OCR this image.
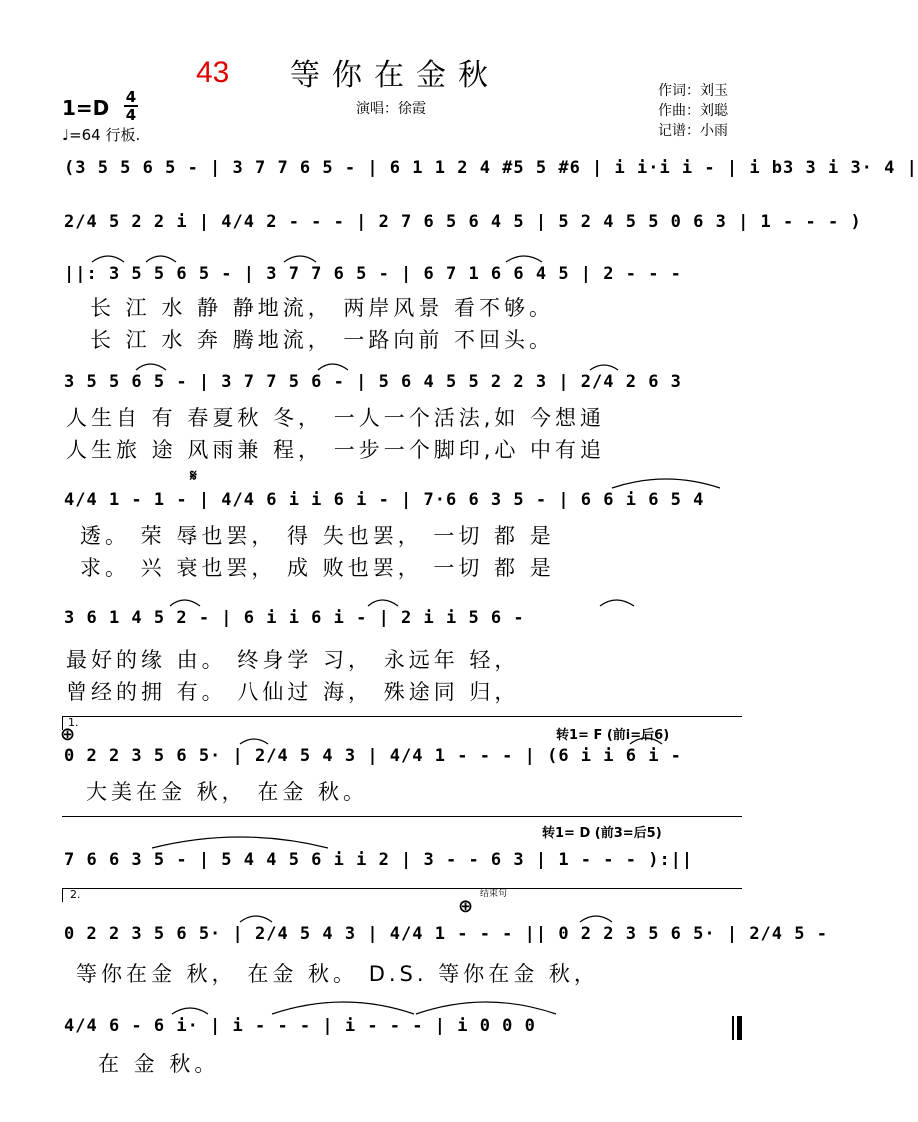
43 等你在金秋
1=D 4
4
♩=64 行板.
演唱：徐霞
作词：刘玉
作曲：刘聪
记谱：小雨
(3 5 5 6 5 - | 3 7 7 6 5 - | 6 1 1 2 4 #5 5 #6 | i i·i i - | i b3 3 i 3· 4 |
2/4 5 2 2 i | 4/4 2 - - - | 2 7 6 5 6 4 5 | 5 2 4 5 5 0 6 3 | 1 - - - )
||: 3 5 5 6 5 - | 3 7 7 6 5 - | 6 7 1 6 6 4 5 | 2 - - -
长 江 水 静 静地流， 两岸风景 看不够。
长 江 水 奔 腾地流， 一路向前 不回头。
3 5 5 6 5 - | 3 7 7 5 6 - | 5 6 4 5 5 2 2 3 | 2/4 2 6 3
人生自 有 春夏秋 冬， 一人一个活法,如 今想通
人生旅 途 风雨兼 程， 一步一个脚印,心 中有追
𝄋
4/4 1 - 1 - | 4/4 6 i i 6 i - | 7·6 6 3 5 - | 6 6 i 6 5 4
透。 荣 辱也罢， 得 失也罢， 一切 都 是
求。 兴 衰也罢， 成 败也罢， 一切 都 是
3 6 1 4 5 2 - | 6 i i 6 i - | 2 i i 5 6 -
最好的缘 由。 终身学 习， 永远年 轻，
曾经的拥 有。 八仙过 海， 殊途同 归，
1.
⊕	转1= F (前i=后6)
0 2 2 3 5 6 5· | 2/4 5 4 3 | 4/4 1 - - - | (6 i i 6 i -
大美在金 秋， 在金 秋。
转1= D (前3=后5)
7 6 6 3 5 - | 5 4 4 5 6 i i 2 | 3 - - 6 3 | 1 - - - ):||
2.	结束句
⊕
0 2 2 3 5 6 5· | 2/4 5 4 3 | 4/4 1 - - - || 0 2 2 3 5 6 5· | 2/4 5 -
等你在金 秋， 在金 秋。 D.S. 等你在金 秋，
4/4 6 - 6 i· | i - - - | i - - - | i 0 0 0
在 金 秋。
